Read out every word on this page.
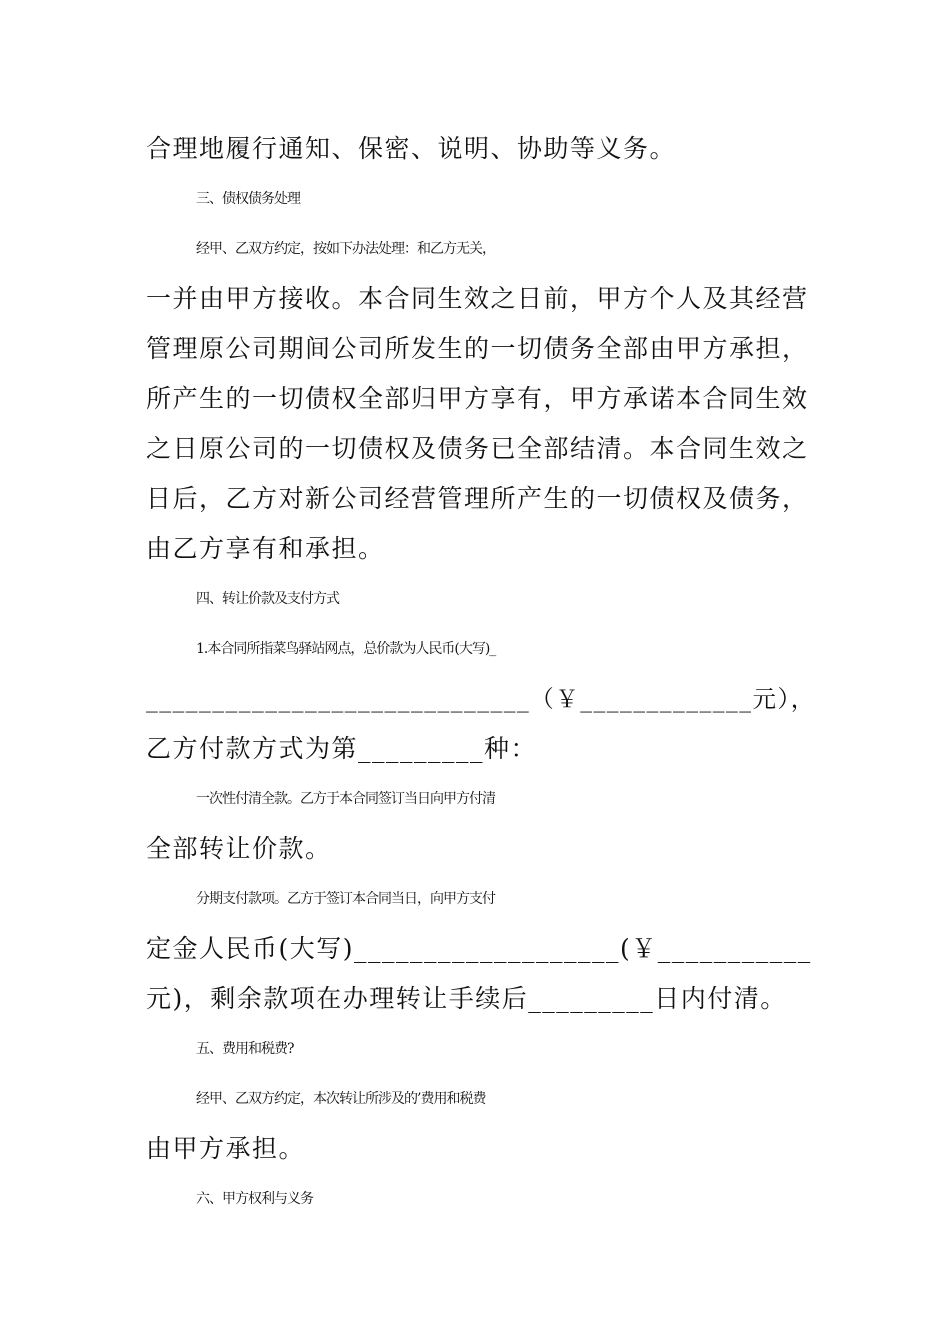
合理地履行通知、保密、说明、协助等义务。
三、债权债务处理
经甲、乙双方约定，按如下办法处理：和乙方无关，
一并由甲方接收。本合同生效之日前，甲方个人及其经营
管理原公司期间公司所发生的一切债务全部由甲方承担，
所产生的一切债权全部归甲方享有，甲方承诺本合同生效
之日原公司的一切债权及债务已全部结清。本合同生效之
日后，乙方对新公司经营管理所产生的一切债权及债务，
由乙方享有和承担。
四、转让价款及支付方式
1.本合同所指菜鸟驿站网点，总价款为人民币(大写)_
_____________________________（￥_____________元），
乙方付款方式为第_________种：
一次性付清全款。乙方于本合同签订当日向甲方付清
全部转让价款。
分期支付款项。乙方于签订本合同当日，向甲方支付
定金人民币(大写)___________________(￥___________
元)，剩余款项在办理转让手续后_________日内付清。
五、费用和税费?
经甲、乙双方约定，本次转让所涉及的’费用和税费
由甲方承担。
六、甲方权利与义务
